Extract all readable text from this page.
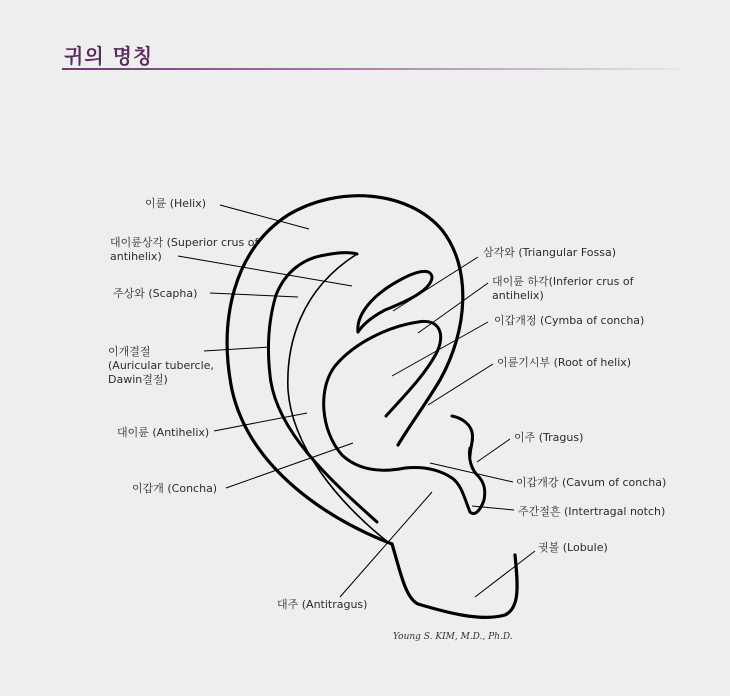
귀의 명칭
이륜 (Helix)
대이륜상각 (Superior crus of
antihelix)
주상와 (Scapha)
이개결절
(Auricular tubercle,
Dawin결절)
대이륜 (Antihelix)
이갑개 (Concha)
대주 (Antitragus)
삼각와 (Triangular Fossa)
대이륜 하각(Inferior crus of
antihelix)
이갑개정 (Cymba of concha)
이륜기시부 (Root of helix)
이주 (Tragus)
이갑개강 (Cavum of concha)
주간절흔 (Intertragal notch)
귓볼 (Lobule)
Young S. KIM, M.D., Ph.D.
